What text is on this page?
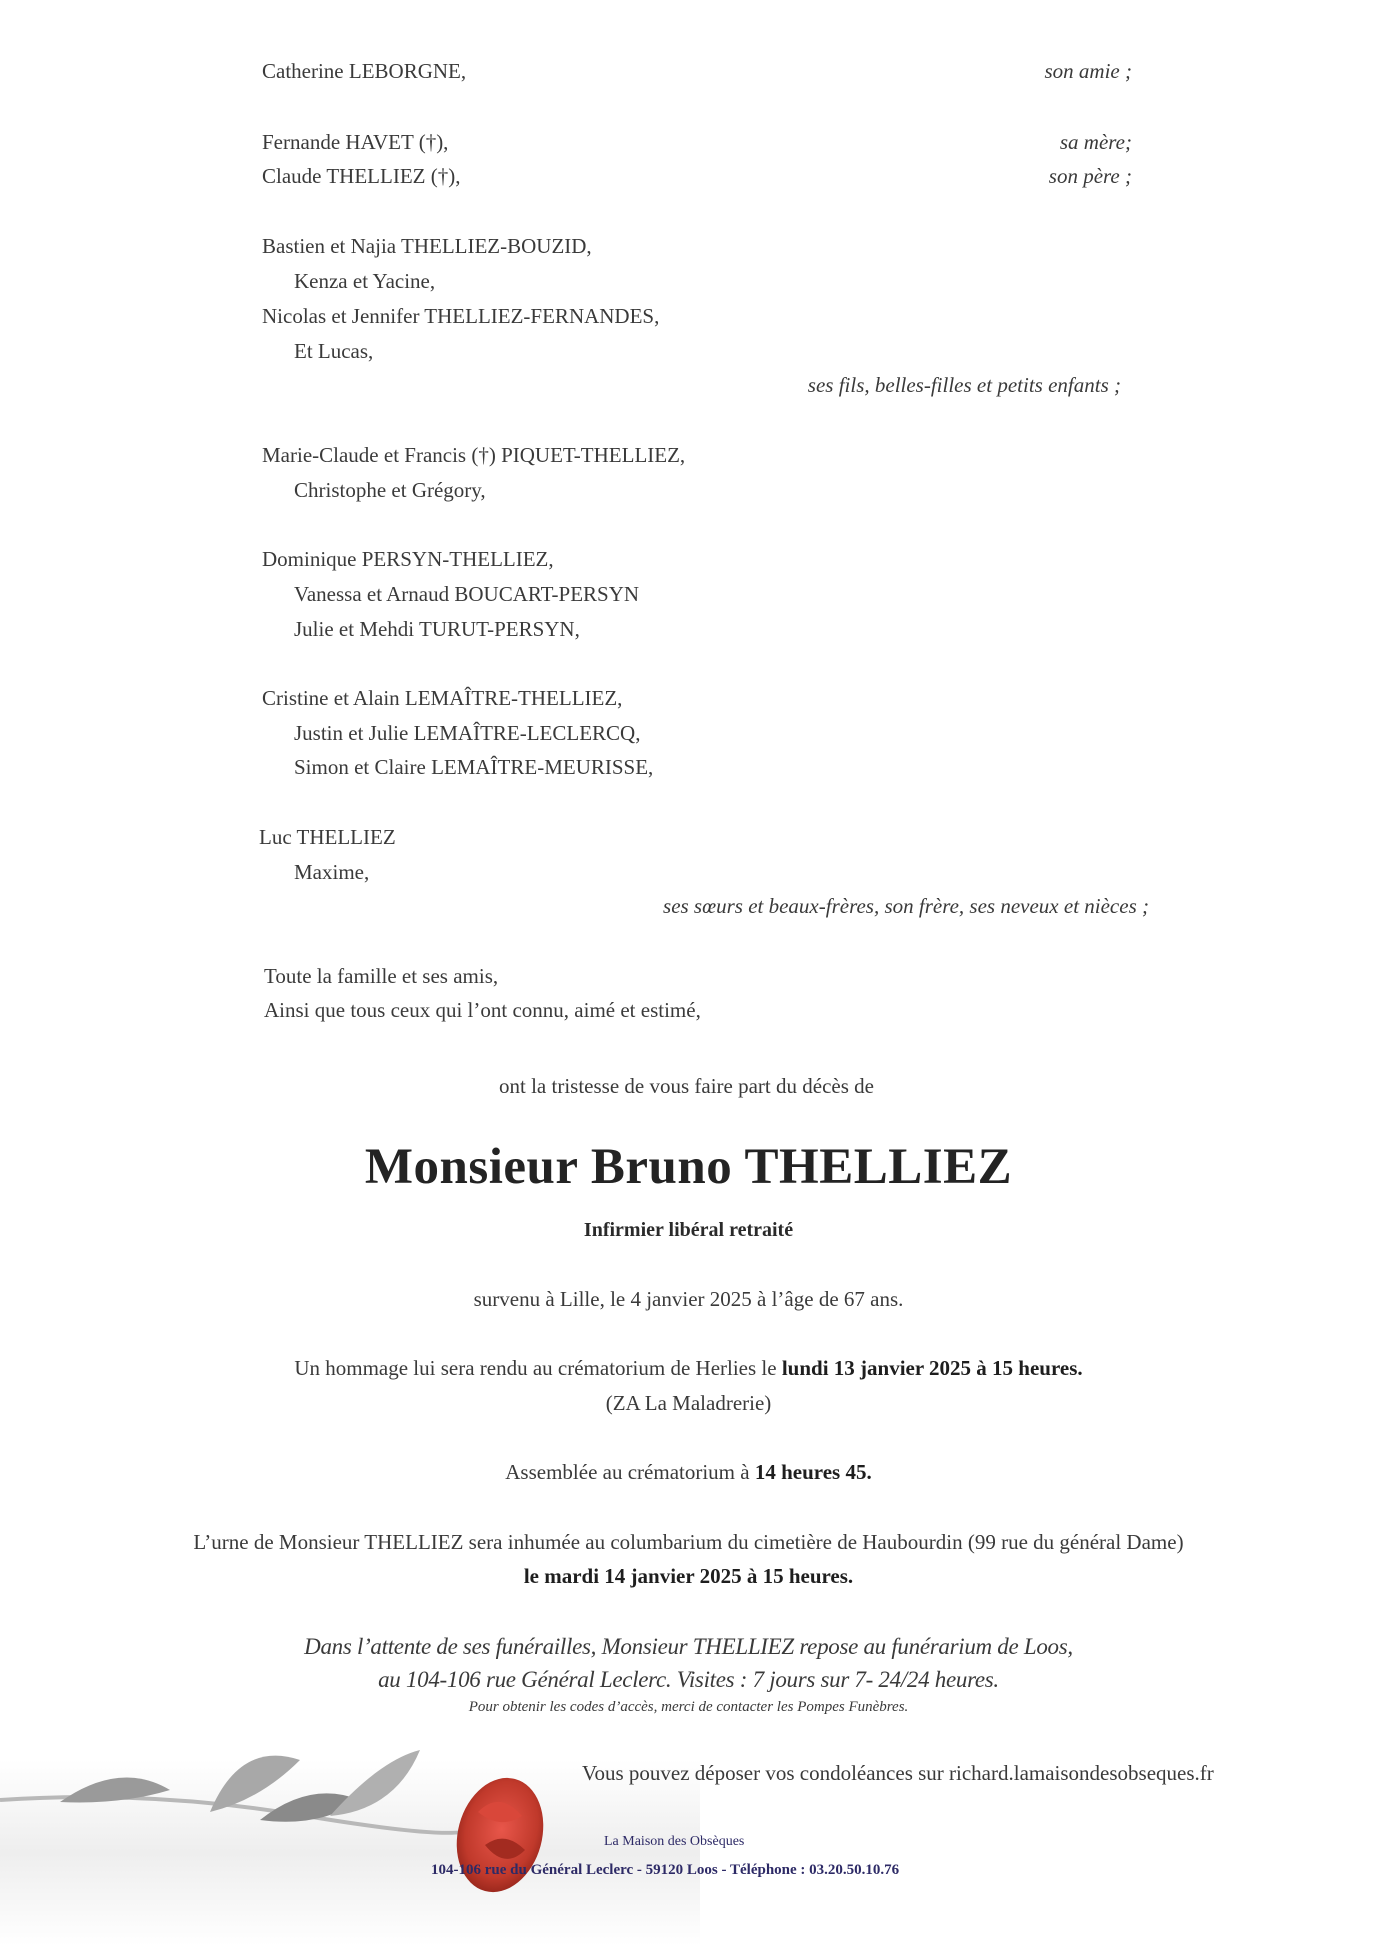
Catherine LEBORGNE,	son amie ;
Fernande HAVET (†),	sa mère;
Claude THELLIEZ (†),	son père ;
Bastien et Najia THELLIEZ-BOUZID,
Kenza et Yacine,
Nicolas et Jennifer THELLIEZ-FERNANDES,
Et Lucas,
ses fils, belles-filles et petits enfants ;
Marie-Claude et Francis (†) PIQUET-THELLIEZ,
Christophe et Grégory,
Dominique PERSYN-THELLIEZ,
Vanessa et Arnaud BOUCART-PERSYN
Julie et Mehdi TURUT-PERSYN,
Cristine et Alain LEMAÎTRE-THELLIEZ,
Justin et Julie LEMAÎTRE-LECLERCQ,
Simon et Claire LEMAÎTRE-MEURISSE,
Luc THELLIEZ
Maxime,
ses sœurs et beaux-frères, son frère, ses neveux et nièces ;
Toute la famille et ses amis,
Ainsi que tous ceux qui l’ont connu, aimé et estimé,
ont la tristesse de vous faire part du décès de
Monsieur Bruno THELLIEZ
Infirmier libéral retraité
survenu à Lille, le 4 janvier 2025 à l’âge de 67 ans.
Un hommage lui sera rendu au crématorium de Herlies le lundi 13 janvier 2025 à 15 heures.
(ZA La Maladrerie)
Assemblée au crématorium à 14 heures 45.
L’urne de Monsieur THELLIEZ sera inhumée au columbarium du cimetière de Haubourdin (99 rue du général Dame)
le mardi 14 janvier 2025 à 15 heures.
Dans l’attente de ses funérailles, Monsieur THELLIEZ repose au funérarium de Loos,
au 104-106 rue Général Leclerc. Visites : 7 jours sur 7- 24/24 heures.
Pour obtenir les codes d’accès, merci de contacter les Pompes Funèbres.
Vous pouvez déposer vos condoléances sur richard.lamaisondesobseques.fr
La Maison des Obsèques
104-106 rue du Général Leclerc - 59120 Loos - Téléphone : 03.20.50.10.76
